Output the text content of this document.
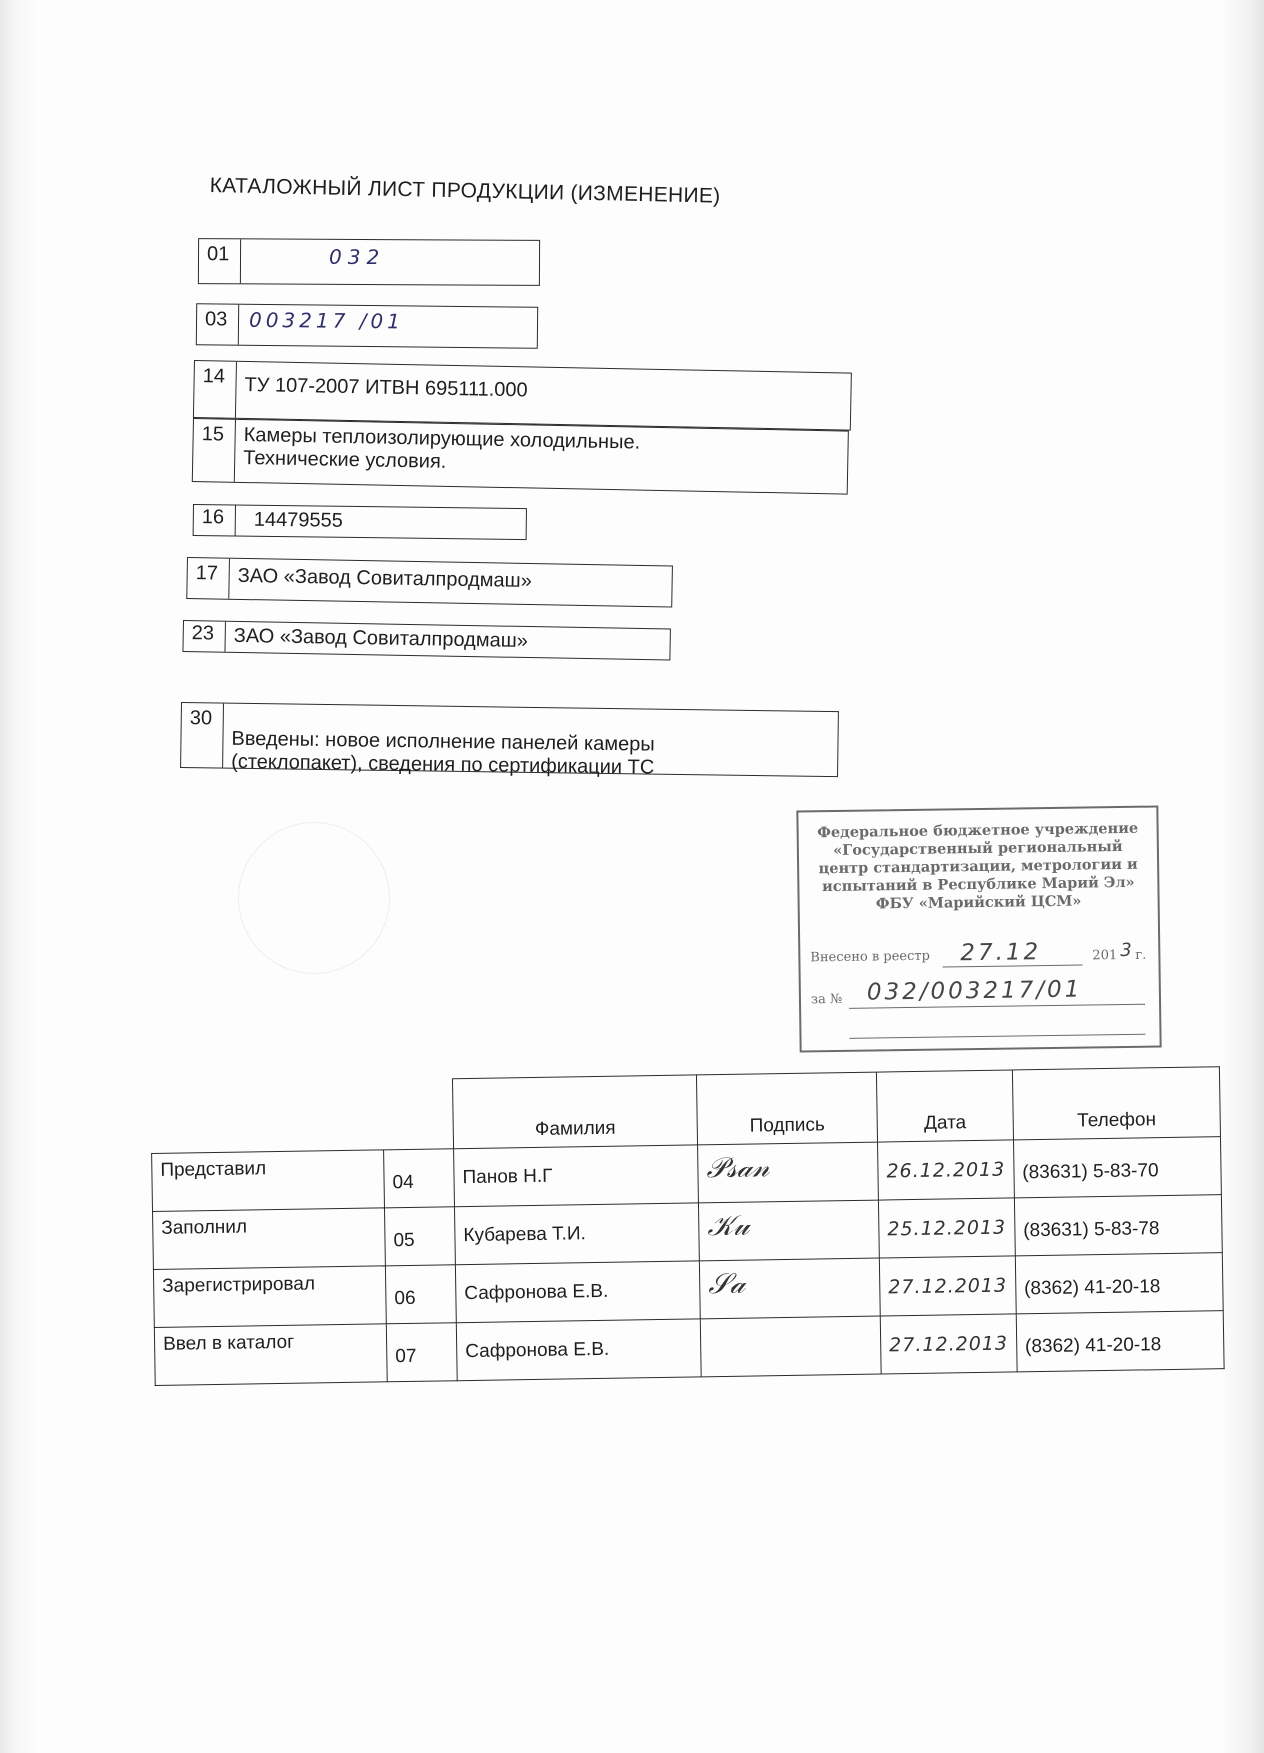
КАТАЛОЖНЫЙ ЛИСТ ПРОДУКЦИИ (ИЗМЕНЕНИЕ)
01	032
03	003217 /01
14 ТУ 107-2007 ИТВН 695111.000
15 Камеры теплоизолирующие холодильные. Технические условия.
16	14479555
17 ЗАО «Завод Совиталпродмаш»
23 ЗАО «Завод Совиталпродмаш»
30
Введены: новое исполнение панелей камеры (стеклопакет), сведения по сертификации ТС
Федеральное бюджетное учреждение
«Государственный региональный
центр стандартизации, метрологии и
испытаний в Республике Марий Эл»
ФБУ «Марийский ЦСМ»
Внесено в реестр 27.12	201 3 г.
за № 032/003217/01
		Фамилия	Подпись	Дата	Телефон
Представил	04	Панов Н.Г	𝒫𝓈𝒶𝓃	26.12.2013	(83631) 5-83-70
Заполнил	05	Кубарева Т.И.	𝒦𝓊	25.12.2013	(83631) 5-83-78
Зарегистрировал	06	Сафронова Е.В.	𝒮𝒶	27.12.2013	(8362) 41-20-18
Ввел в каталог	07	Сафронова Е.В.		27.12.2013	(8362) 41-20-18
